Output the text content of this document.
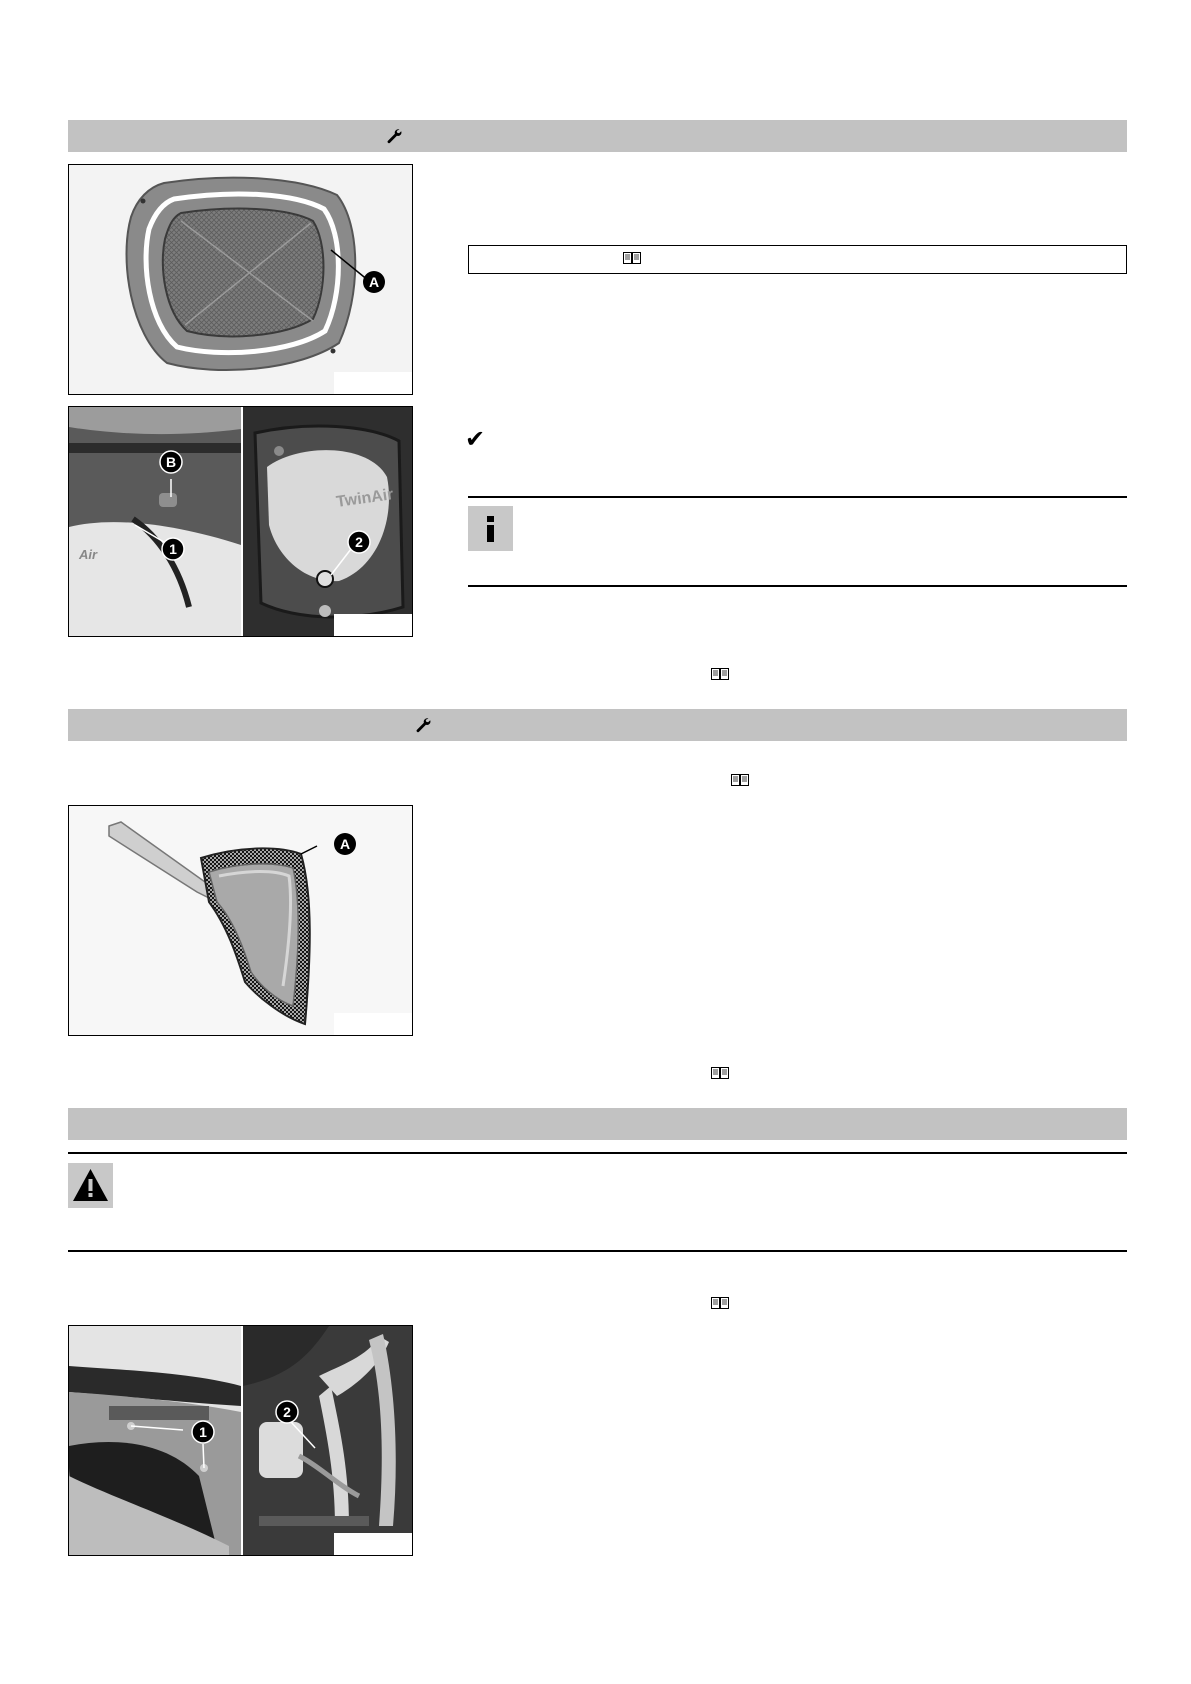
A
Air
B
1
TwinAir
2
✔
A
1
2
